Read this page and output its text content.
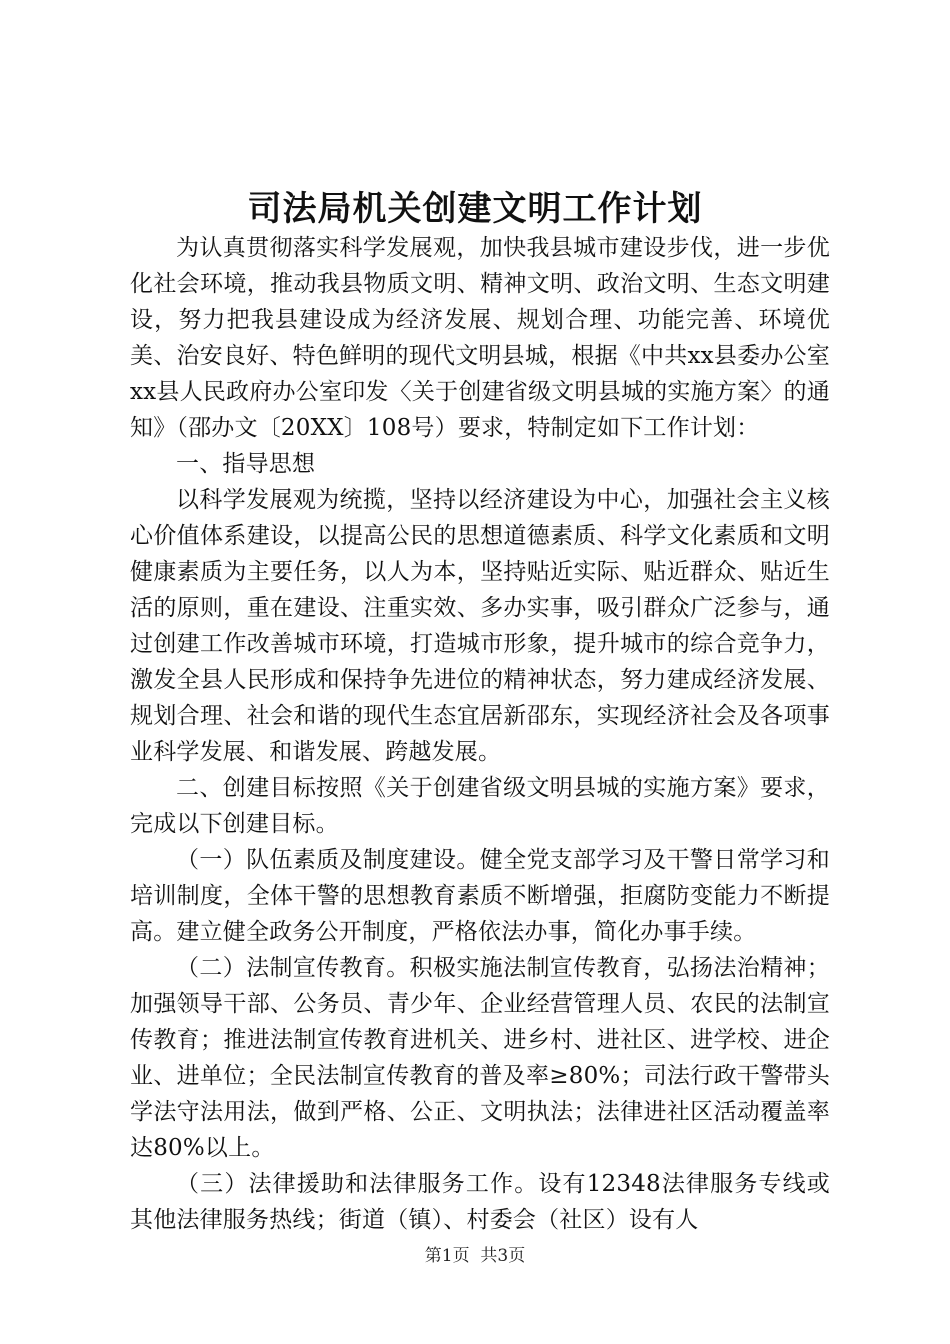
司法局机关创建文明工作计划

为认真贯彻落实科学发展观，加快我县城市建设步伐，进一步优化社会环境，推动我县物质文明、精神文明、政治文明、生态文明建设，努力把我县建设成为经济发展、规划合理、功能完善、环境优美、治安良好、特色鲜明的现代文明县城，根据《中共xx县委办公室xx县人民政府办公室印发〈关于创建省级文明县城的实施方案〉的通知》（邵办文〔20XX〕108号）要求，特制定如下工作计划：

一、指导思想

以科学发展观为统揽，坚持以经济建设为中心，加强社会主义核心价值体系建设，以提高公民的思想道德素质、科学文化素质和文明健康素质为主要任务，以人为本，坚持贴近实际、贴近群众、贴近生活的原则，重在建设、注重实效、多办实事，吸引群众广泛参与，通过创建工作改善城市环境，打造城市形象，提升城市的综合竞争力，激发全县人民形成和保持争先进位的精神状态，努力建成经济发展、规划合理、社会和谐的现代生态宜居新邵东，实现经济社会及各项事业科学发展、和谐发展、跨越发展。

二、创建目标按照《关于创建省级文明县城的实施方案》要求，完成以下创建目标。

（一）队伍素质及制度建设。健全党支部学习及干警日常学习和培训制度，全体干警的思想教育素质不断增强，拒腐防变能力不断提高。建立健全政务公开制度，严格依法办事，简化办事手续。

（二）法制宣传教育。积极实施法制宣传教育，弘扬法治精神；加强领导干部、公务员、青少年、企业经营管理人员、农民的法制宣传教育；推进法制宣传教育进机关、进乡村、进社区、进学校、进企业、进单位；全民法制宣传教育的普及率≥80%；司法行政干警带头学法守法用法，做到严格、公正、文明执法；法律进社区活动覆盖率达80%以上。

（三）法律援助和法律服务工作。设有12348法律服务专线或其他法律服务热线；街道（镇）、村委会（社区）设有人

第1页 共3页
